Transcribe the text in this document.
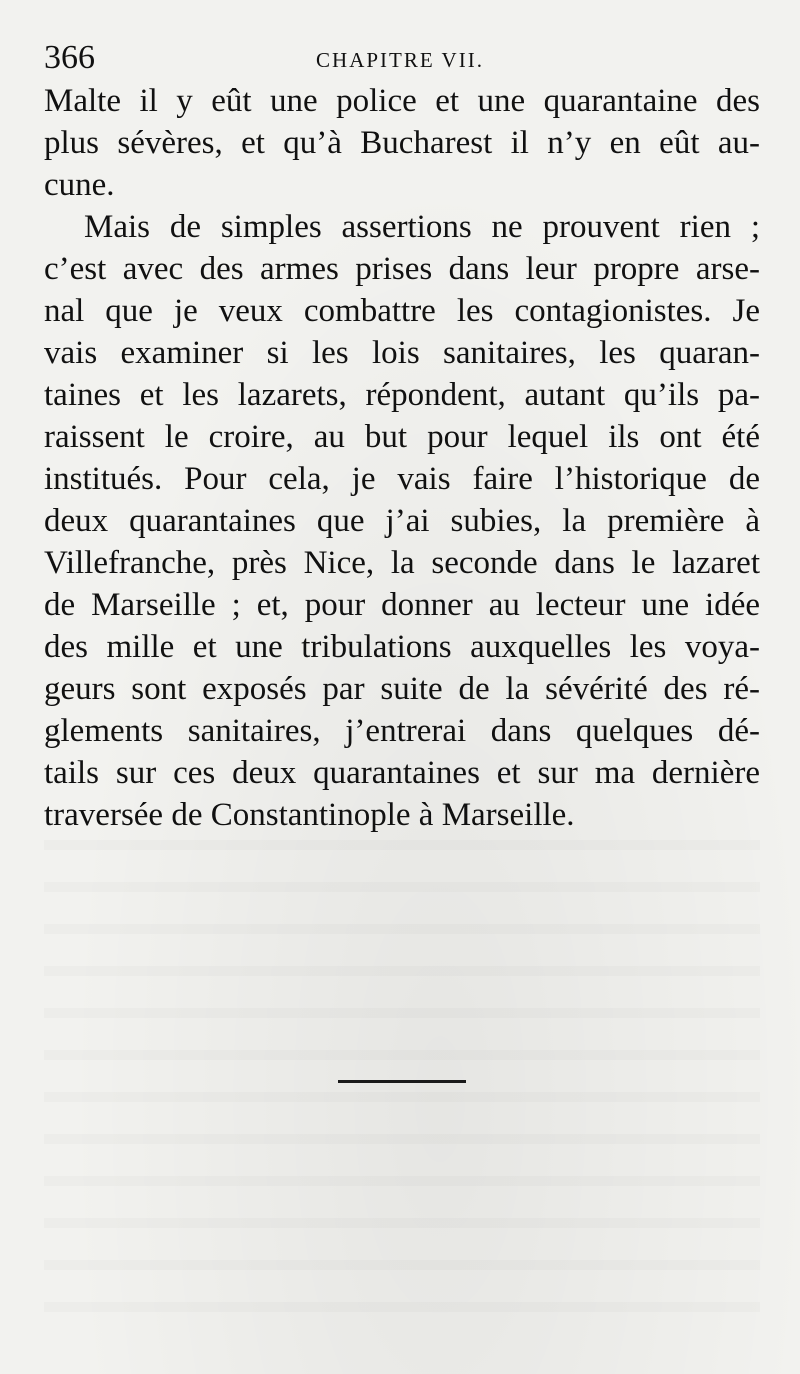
366	CHAPITRE VII.
Malte il y eût une police et une quarantaine des
plus sévères, et qu’à Bucharest il n’y en eût au-
cune.
Mais de simples assertions ne prouvent rien ;
c’est avec des armes prises dans leur propre arse-
nal que je veux combattre les contagionistes. Je
vais examiner si les lois sanitaires, les quaran-
taines et les lazarets, répondent, autant qu’ils pa-
raissent le croire, au but pour lequel ils ont été
institués. Pour cela, je vais faire l’historique de
deux quarantaines que j’ai subies, la première à
Villefranche, près Nice, la seconde dans le lazaret
de Marseille ; et, pour donner au lecteur une idée
des mille et une tribulations auxquelles les voya-
geurs sont exposés par suite de la sévérité des ré-
glements sanitaires, j’entrerai dans quelques dé-
tails sur ces deux quarantaines et sur ma dernière
traversée de Constantinople à Marseille.
